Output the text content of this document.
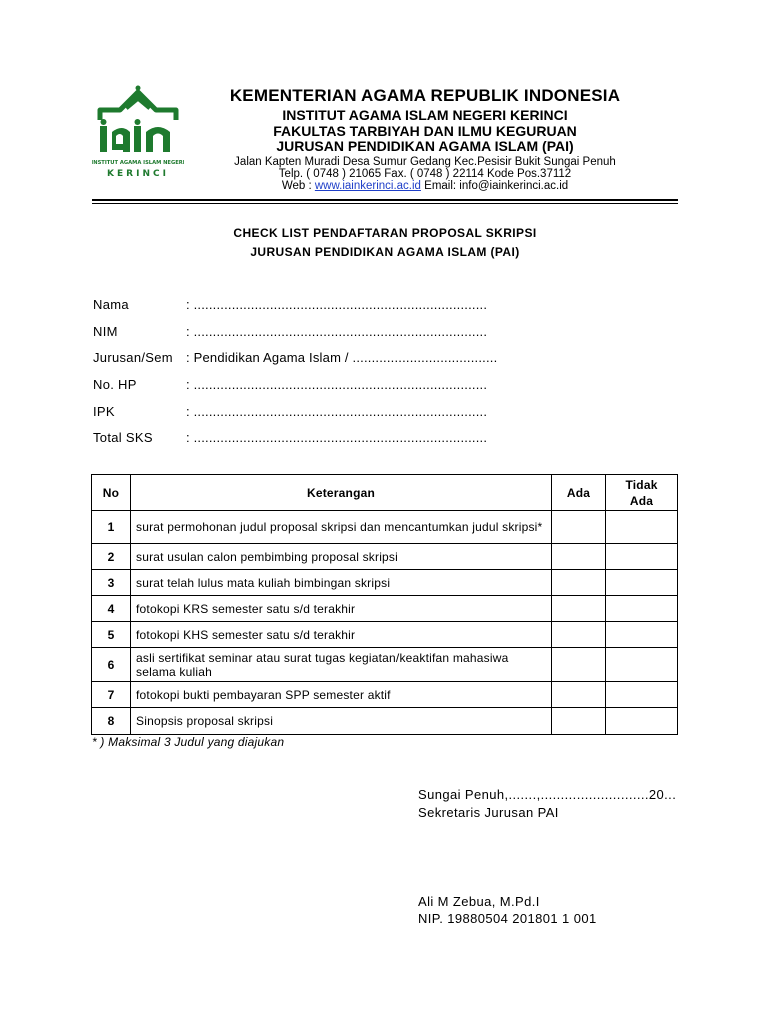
INSTITUT AGAMA ISLAM NEGERI
KERINCI
KEMENTERIAN AGAMA REPUBLIK INDONESIA
INSTITUT AGAMA ISLAM NEGERI KERINCI
FAKULTAS TARBIYAH DAN ILMU KEGURUAN
JURUSAN PENDIDIKAN AGAMA ISLAM (PAI)
Jalan Kapten Muradi Desa Sumur Gedang Kec.Pesisir Bukit Sungai Penuh
Telp. ( 0748 ) 21065 Fax. ( 0748 ) 22114 Kode Pos.37112
Web : www.iainkerinci.ac.id Email: info@iainkerinci.ac.id
CHECK LIST PENDAFTARAN PROPOSAL SKRIPSI
JURUSAN PENDIDIKAN AGAMA ISLAM (PAI)
Nama	: .............................................................................
NIM	: .............................................................................
Jurusan/Sem : Pendidikan Agama Islam / ......................................
No. HP	: .............................................................................
IPK	: .............................................................................
Total SKS	: .............................................................................
No	Keterangan	Ada	Tidak
Ada
1	surat permohonan judul proposal skripsi dan mencantumkan judul skripsi*		
2	surat usulan calon pembimbing proposal skripsi		
3	surat telah lulus mata kuliah bimbingan skripsi		
4	fotokopi KRS semester satu s/d terakhir		
5	fotokopi KHS semester satu s/d terakhir		
6	asli sertifikat seminar atau surat tugas kegiatan/keaktifan mahasiwa selama kuliah		
7	fotokopi bukti pembayaran SPP semester aktif		
8	Sinopsis proposal skripsi		
* ) Maksimal 3 Judul yang diajukan
Sungai Penuh,.......,...........................20...
Sekretaris Jurusan PAI
Ali M Zebua, M.Pd.I
NIP. 19880504 201801 1 001
